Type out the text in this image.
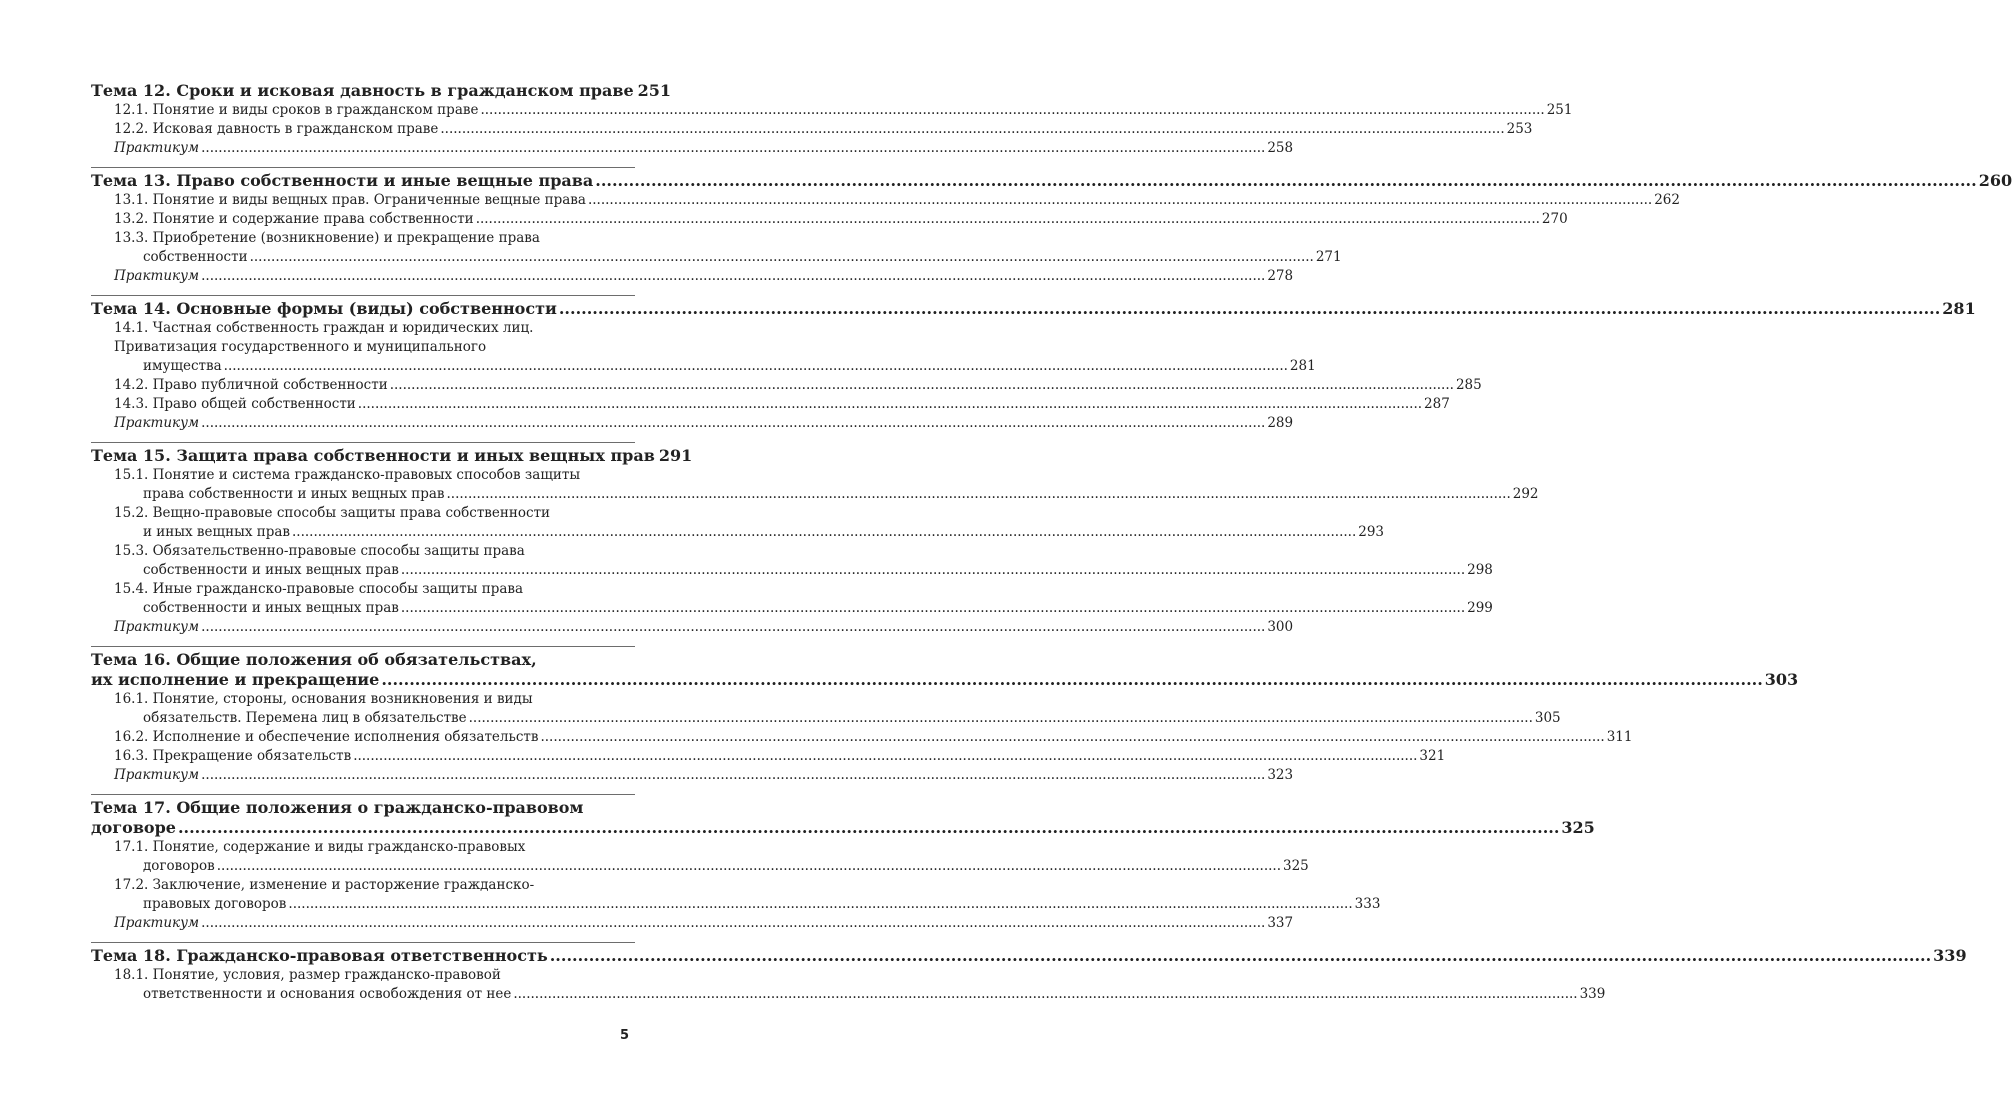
Тема 12. Сроки и исковая давность в гражданском праве 251
12.1. Понятие и виды сроков в гражданском праве .....	251
12.2. Исковая давность в гражданском праве .....	253
Практикум .....	258
Тема 13. Право собственности и иные вещные права .....	260
13.1. Понятие и виды вещных прав. Ограниченные вещные права .....	262
13.2. Понятие и содержание права собственности .....	270
13.3. Приобретение (возникновение) и прекращение права
собственности .....	271
Практикум .....	278
Тема 14. Основные формы (виды) собственности .....	281
14.1. Частная собственность граждан и юридических лиц.
Приватизация государственного и муниципального
имущества .....	281
14.2. Право публичной собственности .....	285
14.3. Право общей собственности .....	287
Практикум .....	289
Тема 15. Защита права собственности и иных вещных прав 291
15.1. Понятие и система гражданско-правовых способов защиты
права собственности и иных вещных прав .....	292
15.2. Вещно-правовые способы защиты права собственности
и иных вещных прав .....	293
15.3. Обязательственно-правовые способы защиты права
собственности и иных вещных прав .....	298
15.4. Иные гражданско-правовые способы защиты права
собственности и иных вещных прав .....	299
Практикум .....	300
Тема 16. Общие положения об обязательствах,
их исполнение и прекращение .....	303
16.1. Понятие, стороны, основания возникновения и виды
обязательств. Перемена лиц в обязательстве .....	305
16.2. Исполнение и обеспечение исполнения обязательств .....	311
16.3. Прекращение обязательств .....	321
Практикум .....	323
Тема 17. Общие положения о гражданско-правовом
договоре .....	325
17.1. Понятие, содержание и виды гражданско-правовых
договоров .....	325
17.2. Заключение, изменение и расторжение гражданско-
правовых договоров .....	333
Практикум .....	337
Тема 18. Гражданско-правовая ответственность .....	339
18.1. Понятие, условия, размер гражданско-правовой
ответственности и основания освобождения от нее .....	339
5
